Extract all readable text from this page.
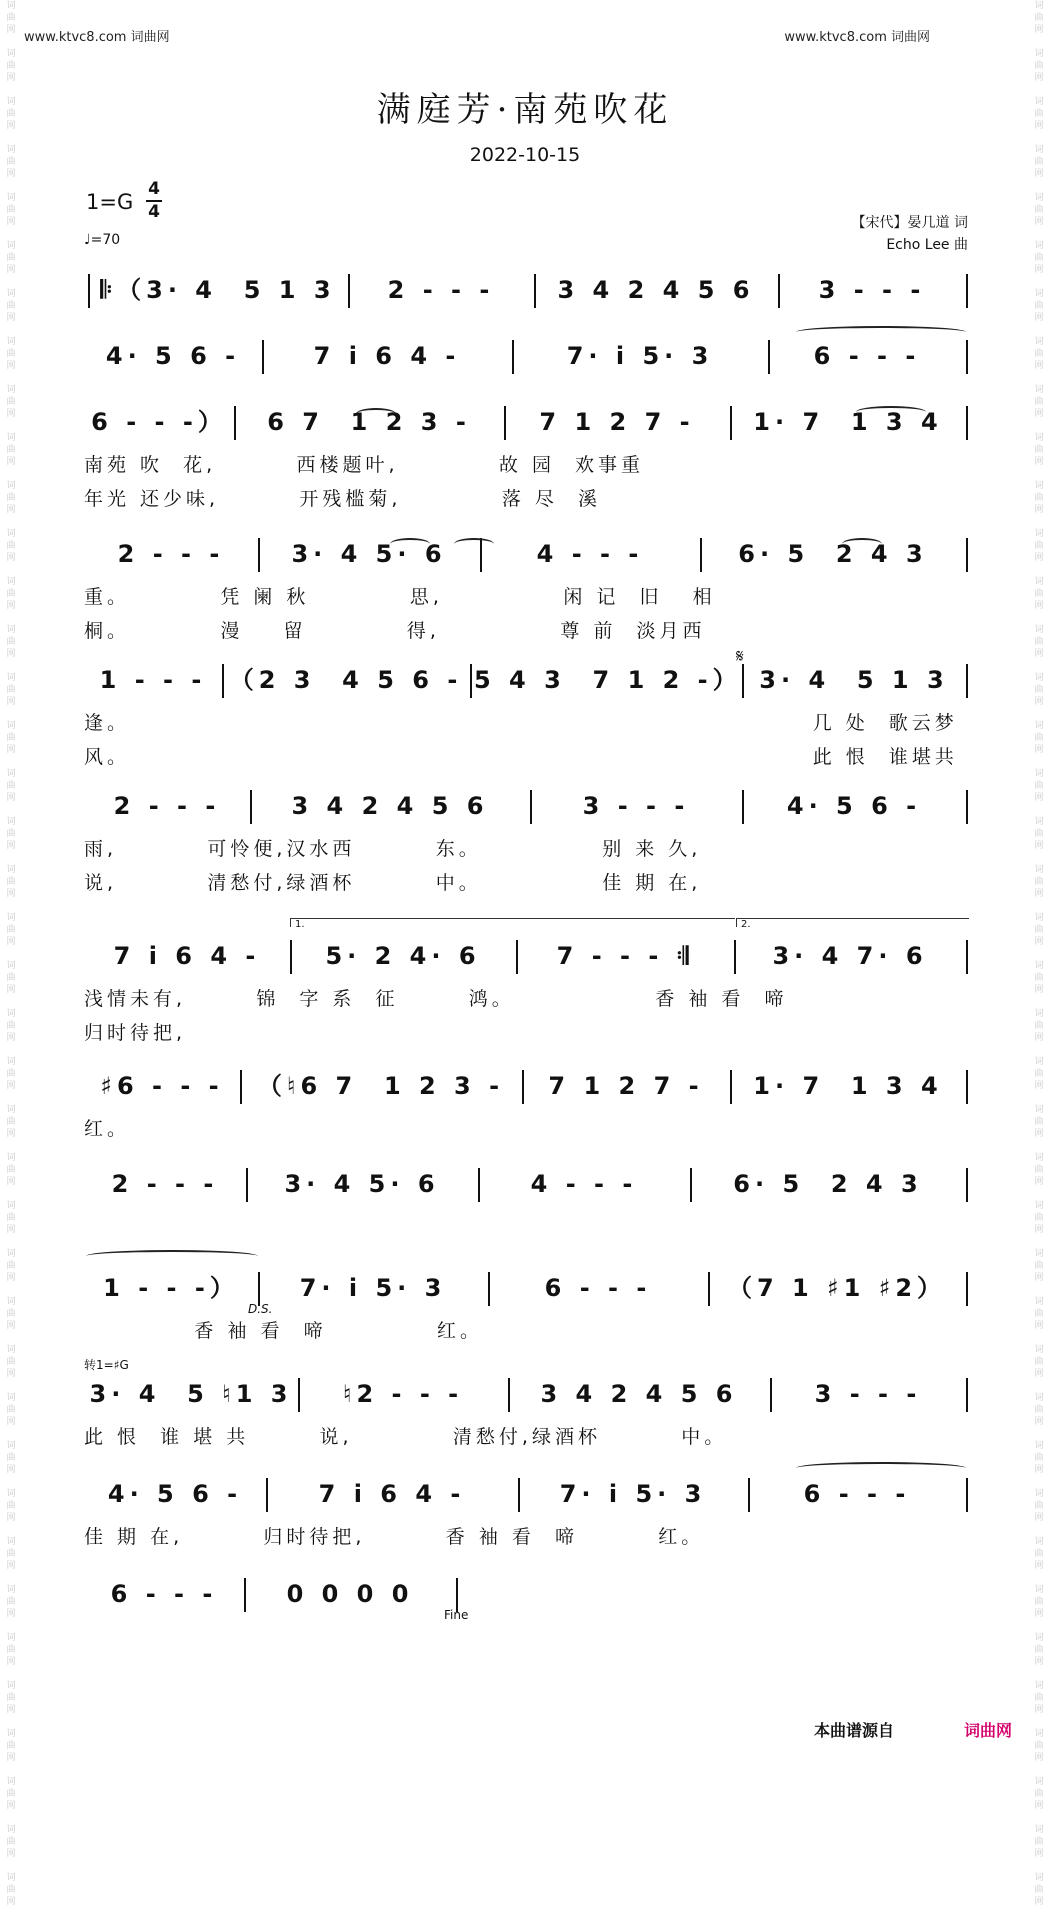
词
曲
网

词
曲
网

词
曲
网

词
曲
网

词
曲
网

词
曲
网

词
曲
网

词
曲
网

词
曲
网

词
曲
网

词
曲
网

词
曲
网

词
曲
网

词
曲
网

词
曲
网

词
曲
网

词
曲
网

词
曲
网

词
曲
网

词
曲
网

词
曲
网

词
曲
网

词
曲
网

词
曲
网

词
曲
网

词
曲
网

词
曲
网

词
曲
网

词
曲
网

词
曲
网

词
曲
网

词
曲
网

词
曲
网

词
曲
网

词
曲
网

词
曲
网

词
曲
网

词
曲
网

词
曲
网

词
曲
网

词
曲
网

词
曲
网

词
曲
网

词
曲
网

词
曲
网

词
曲
网

词
曲
网

词
曲
网

词
曲
网

词
曲
网

词
曲
网

词
曲
网

词
曲
网

词
曲
网

词
曲
网

词
曲
网

词
曲
网

词
曲
网

词
曲
网

词
曲
网

词
曲
网

词
曲
网

词
曲
网

词
曲
网

词
曲
网

词
曲
网

词
曲
网

词
曲
网

词
曲
网

词
曲
网

词
曲
网

词
曲
网

词
曲
网

词
曲
网

词
曲
网

词
曲
网

词
曲
网

词
曲
网

词
曲
网

词
曲
网

www.ktvc8.com 词曲网	www.ktvc8.com 词曲网
满庭芳·南苑吹花
2022-10-15
1=G
4
4
♩=70
【宋代】晏几道 词
Echo Lee 曲
𝄆（3· 4  5 1 3	2 - - -	3 4 2 4 5 6	3 - - -
4· 5 6 -	7 i 6 4 -	7· i 5· 3	6 - - -
6 - - -）	6 7  1 2 3 -	7 1 2 7 -	1· 7  1 3 4
南苑 吹  花,        西楼题叶,          故 园  欢事重
年光 还少味,        开残槛菊,          落 尽  溪
2 - - -	3· 4 5· 6	4 - - -	6· 5  2 4 3
重。         凭 阑 秋          思,            闲 记  旧   相
桐。         漫    留          得,            尊 前  淡月西
1 - - - （2 3  4 5 6 - 5 4 3  7 1 2 -） 3· 4  5 1 3
逢。                                                                    几 处  歌云梦
风。                                                                    此 恨  谁堪共
2 - - -	3 4 2 4 5 6	3 - - -	4· 5 6 -
雨,         可怜便,汉水西        东。            别 来 久,
说,         清愁付,绿酒杯        中。            佳 期 在,
7 i 6 4 -	5· 2 4· 6	7 - - - 𝄇	3· 4 7· 6
浅情未有,       锦  字 系  征       鸿。              香 袖 看  啼
归时待把,
♯6 - - -	（♮6 7  1 2 3 -	7 1 2 7 -	1· 7  1 3 4
红。
2 - - -	3· 4 5· 6	4 - - -	6· 5  2 4 3
1 - - -）	7· i 5· 3	6 - - -	（7 1 ♯1 ♯2）
香 袖 看  啼           红。
3· 4  5 ♮1 3	♮2 - - -	3 4 2 4 5 6	3 - - -
此 恨  谁 堪 共       说,          清愁付,绿酒杯        中。
4· 5 6 -	7 i 6 4 -	7· i 5· 3	6 - - -
佳 期 在,        归时待把,        香 袖 看  啼        红。
6 - - -	0 0 0 0
1.	2.
𝄋
D.S.
Fine
转1=♯G
本曲谱源自	词曲网
